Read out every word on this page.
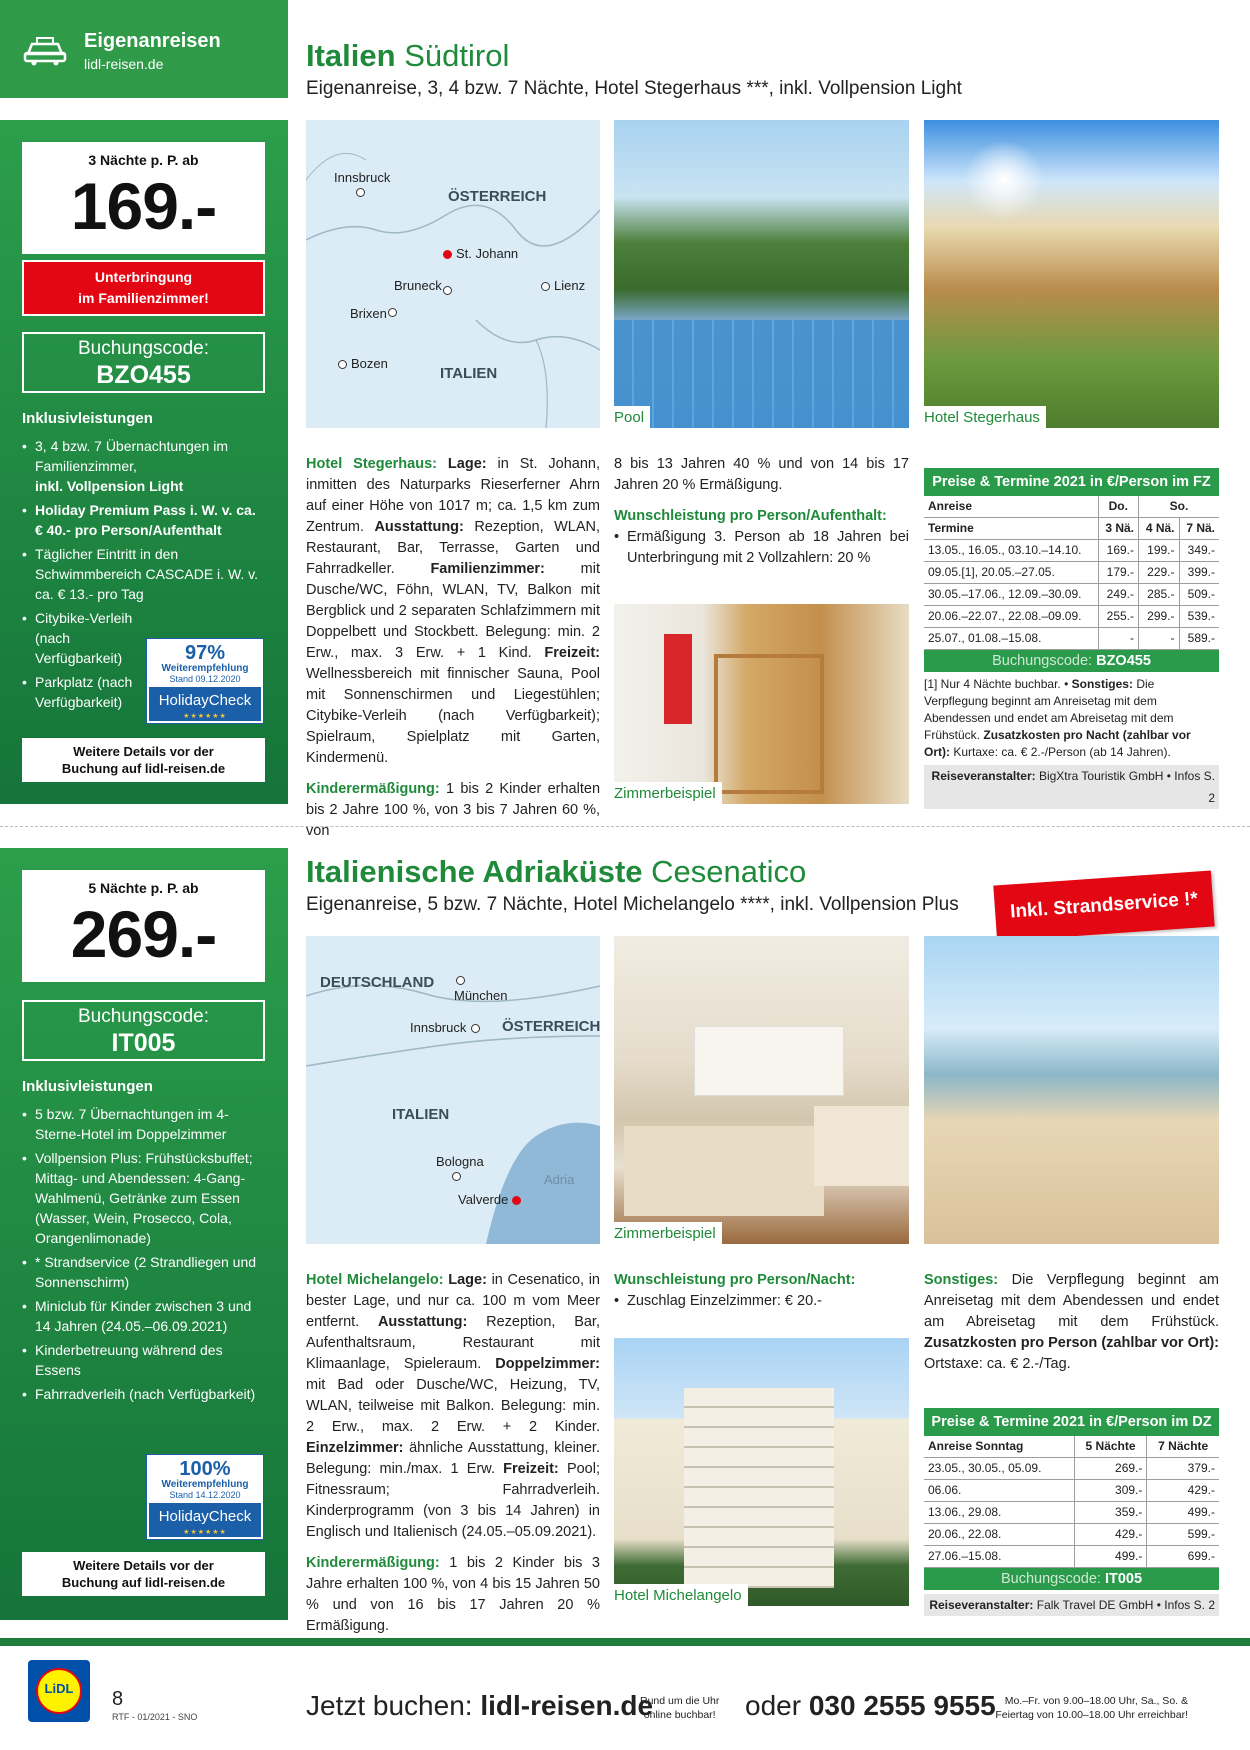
Eigenanreisen
lidl-reisen.de
3 Nächte p. P. ab
169.-
Unterbringung
im Familienzimmer!
Buchungscode:
BZO455
Inklusivleistungen
• 3, 4 bzw. 7 Übernachtungen im Familienzimmer,
inkl. Vollpension Light
• Holiday Premium Pass i. W. v. ca. € 40.- pro Person/Aufenthalt
• Täglicher Eintritt in den Schwimmbereich CASCADE i. W. v. ca. € 13.- pro Tag
• Citybike-Verleih (nach Verfügbarkeit)
• Parkplatz (nach Verfügbarkeit)
97%
Weiterempfehlung
Stand 09.12.2020
HolidayCheck
★★★★★★
Weitere Details vor der
Buchung auf lidl-reisen.de
Italien Südtirol
Eigenanreise, 3, 4 bzw. 7 Nächte, Hotel Stegerhaus ***, inkl. Vollpension Light
Innsbruck
ÖSTERREICH
St. Johann
Bruneck	Lienz
Brixen
Bozen
ITALIEN
Pool	Hotel Stegerhaus
Zimmerbeispiel

Hotel Stegerhaus: Lage: in St. Johann, inmitten des Naturparks Rieserferner Ahrn auf einer Höhe von 1017 m; ca. 1,5 km zum Zentrum. Ausstattung: Rezeption, WLAN, Restaurant, Bar, Terrasse, Garten und Fahrradkeller. Familienzimmer: mit Dusche/WC, Föhn, WLAN, TV, Balkon mit Bergblick und 2 separaten Schlafzimmern mit Doppelbett und Stockbett. Belegung: min. 2 Erw., max. 3 Erw. + 1 Kind. Freizeit: Wellnessbereich mit finnischer Sauna, Pool mit Sonnenschirmen und Liegestühlen; Citybike-Verleih (nach Verfügbarkeit); Spielraum, Spielplatz mit Garten, Kindermenü.

Kinderermäßigung: 1 bis 2 Kinder erhalten bis 2 Jahre 100 %, von 3 bis 7 Jahren 60 %, von

8 bis 13 Jahren 40 % und von 14 bis 17 Jahren 20 % Ermäßigung.

Wunschleistung pro Person/Aufenthalt:
• Ermäßigung 3. Person ab 18 Jahren bei Unterbringung mit 2 Vollzahlern: 20 %
Preise & Termine 2021 in €/Person im FZ
Anreise	Do.	So.	
Termine	3 Nä.	4 Nä.	7 Nä.
13.05., 16.05., 03.10.–14.10.	169.-	199.-	349.-
09.05.[1], 20.05.–27.05.	179.-	229.-	399.-
30.05.–17.06., 12.09.–30.09.	249.-	285.-	509.-
20.06.–22.07., 22.08.–09.09.	255.-	299.-	539.-
25.07., 01.08.–15.08.	-	-	589.-
Buchungscode: BZO455
[1] Nur 4 Nächte buchbar. • Sonstiges: Die Verpflegung beginnt am Anreisetag mit dem Abendessen und endet am Abreisetag mit dem Frühstück. Zusatzkosten pro Nacht (zahlbar vor Ort): Kurtaxe: ca. € 2.-/Person (ab 14 Jahren).
Reiseveranstalter: BigXtra Touristik GmbH • Infos S. 2
5 Nächte p. P. ab
269.-
Buchungscode:
IT005
Inklusivleistungen
• 5 bzw. 7 Übernachtungen im 4-Sterne-Hotel im Doppelzimmer
• Vollpension Plus: Frühstücksbuffet; Mittag- und Abendessen: 4-Gang-Wahlmenü, Getränke zum Essen (Wasser, Wein, Prosecco, Cola, Orangenlimonade)
• * Strandservice (2 Strandliegen und Sonnenschirm)
• Miniclub für Kinder zwischen 3 und 14 Jahren (24.05.–06.09.2021)
• Kinderbetreuung während des Essens
• Fahrradverleih (nach Verfügbarkeit)
100%
Weiterempfehlung
Stand 14.12.2020
HolidayCheck
★★★★★★
Weitere Details vor der
Buchung auf lidl-reisen.de
Italienische Adriaküste Cesenatico
Eigenanreise, 5 bzw. 7 Nächte, Hotel Michelangelo ****, inkl. Vollpension Plus	Inkl. Strandservice !*
DEUTSCHLAND
München
Innsbruck ÖSTERREICH
ITALIEN
Bologna
Adria
Valverde
Zimmerbeispiel
Hotel Michelangelo

Hotel Michelangelo: Lage: in Cesenatico, in bester Lage, und nur ca. 100 m vom Meer entfernt. Ausstattung: Rezeption, Bar, Aufenthaltsraum, Restaurant mit Klimaanlage, Spieleraum. Doppelzimmer: mit Bad oder Dusche/WC, Heizung, TV, WLAN, teilweise mit Balkon. Belegung: min. 2 Erw., max. 2 Erw. + 2 Kinder. Einzelzimmer: ähnliche Ausstattung, kleiner. Belegung: min./max. 1 Erw. Freizeit: Pool; Fitnessraum; Fahrradverleih. Kinderprogramm (von 3 bis 14 Jahren) in Englisch und Italienisch (24.05.–05.09.2021).

Kinderermäßigung: 1 bis 2 Kinder bis 3 Jahre erhalten 100 %, von 4 bis 15 Jahren 50 % und von 16 bis 17 Jahren 20 % Ermäßigung.

Wunschleistung pro Person/Nacht:
• Zuschlag Einzelzimmer: € 20.-

Sonstiges: Die Verpflegung beginnt am Anreisetag mit dem Abendessen und endet am Abreisetag mit dem Frühstück. Zusatzkosten pro Person (zahlbar vor Ort): Ortstaxe: ca. € 2.-/Tag.

Preise & Termine 2021 in €/Person im DZ
Anreise Sonntag	5 Nächte	7 Nächte
23.05., 30.05., 05.09.	269.-	379.-
06.06.	309.-	429.-
13.06., 29.08.	359.-	499.-
20.06., 22.08.	429.-	599.-
27.06.–15.08.	499.-	699.-
Buchungscode: IT005
Reiseveranstalter: Falk Travel DE GmbH • Infos S. 2
LiDL	8
RTF - 01/2021 - SNO	Jetzt buchen: lidl-reisen.de
Rund um die Uhr
online buchbar! oder 030 2555 9555 Mo.–Fr. von 9.00–18.00 Uhr, Sa., So. &
Feiertag von 10.00–18.00 Uhr erreichbar!
